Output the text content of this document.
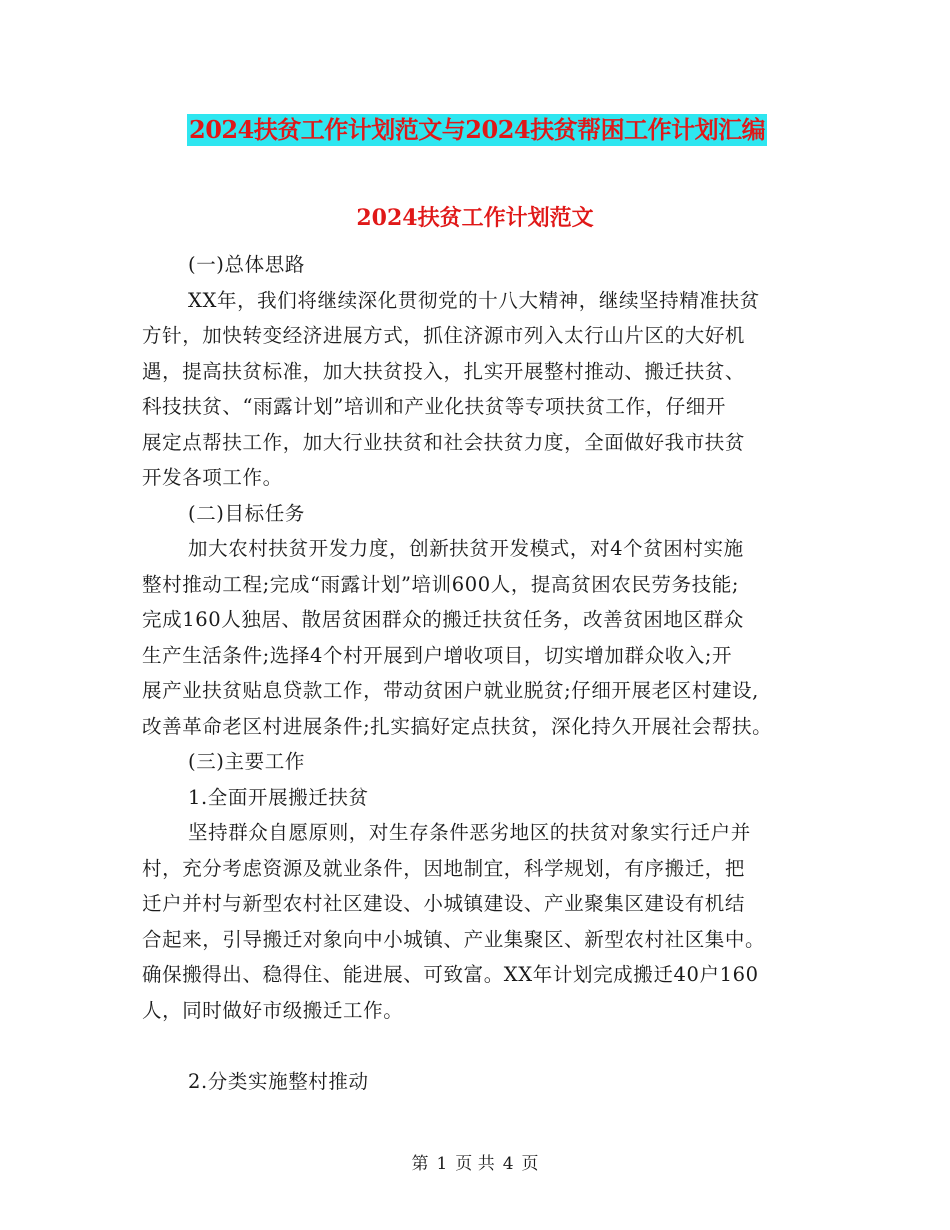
2024扶贫工作计划范文与2024扶贫帮困工作计划汇编
2024扶贫工作计划范文
(一)总体思路
XX年，我们将继续深化贯彻党的十八大精神，继续坚持精准扶贫
方针，加快转变经济进展方式，抓住济源市列入太行山片区的大好机
遇，提高扶贫标准，加大扶贫投入，扎实开展整村推动、搬迁扶贫、
科技扶贫、“雨露计划”培训和产业化扶贫等专项扶贫工作，仔细开
展定点帮扶工作，加大行业扶贫和社会扶贫力度，全面做好我市扶贫
开发各项工作。
(二)目标任务
加大农村扶贫开发力度，创新扶贫开发模式，对4个贫困村实施
整村推动工程;完成“雨露计划”培训600人，提高贫困农民劳务技能;
完成160人独居、散居贫困群众的搬迁扶贫任务，改善贫困地区群众
生产生活条件;选择4个村开展到户增收项目，切实增加群众收入;开
展产业扶贫贴息贷款工作，带动贫困户就业脱贫;仔细开展老区村建设,
改善革命老区村进展条件;扎实搞好定点扶贫，深化持久开展社会帮扶。
(三)主要工作
1.全面开展搬迁扶贫
坚持群众自愿原则，对生存条件恶劣地区的扶贫对象实行迁户并
村，充分考虑资源及就业条件，因地制宜，科学规划，有序搬迁，把
迁户并村与新型农村社区建设、小城镇建设、产业聚集区建设有机结
合起来，引导搬迁对象向中小城镇、产业集聚区、新型农村社区集中。
确保搬得出、稳得住、能进展、可致富。XX年计划完成搬迁40户160
人，同时做好市级搬迁工作。
2.分类实施整村推动
第 1 页 共 4 页
